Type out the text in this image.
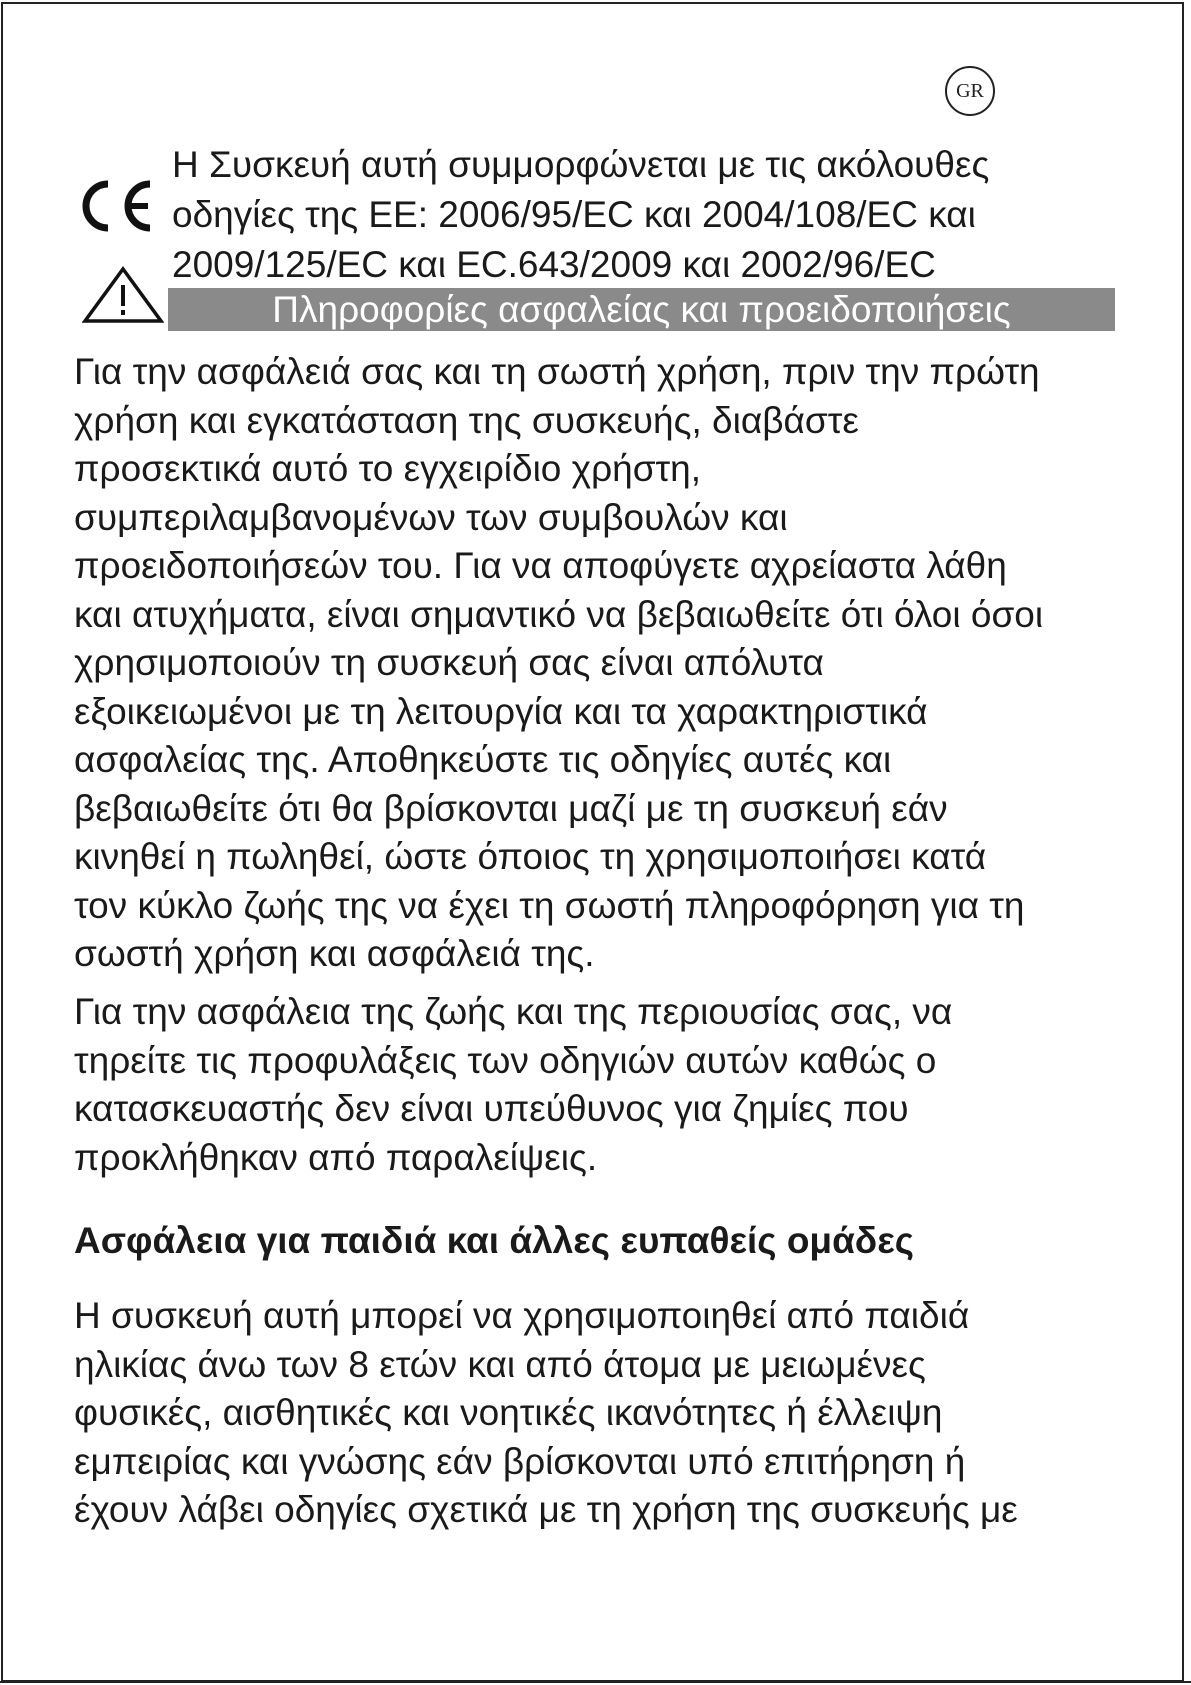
GR
Η Συσκευή αυτή συμμορφώνεται με τις ακόλουθες
οδηγίες της ΕΕ: 2006/95/EC και 2004/108/EC και
2009/125/EC και EC.643/2009 και 2002/96/EC
Πληροφορίες ασφαλείας και προειδοποιήσεις
Για την ασφάλειά σας και τη σωστή χρήση, πριν την πρώτη
χρήση και εγκατάσταση της συσκευής, διαβάστε
προσεκτικά αυτό το εγχειρίδιο χρήστη,
συμπεριλαμβανομένων των συμβουλών και
προειδοποιήσεών του. Για να αποφύγετε αχρείαστα λάθη
και ατυχήματα, είναι σημαντικό να βεβαιωθείτε ότι όλοι όσοι
χρησιμοποιούν τη συσκευή σας είναι απόλυτα
εξοικειωμένοι με τη λειτουργία και τα χαρακτηριστικά
ασφαλείας της. Αποθηκεύστε τις οδηγίες αυτές και
βεβαιωθείτε ότι θα βρίσκονται μαζί με τη συσκευή εάν
κινηθεί η πωληθεί, ώστε όποιος τη χρησιμοποιήσει κατά
τον κύκλο ζωής της να έχει τη σωστή πληροφόρηση για τη
σωστή χρήση και ασφάλειά της.
Για την ασφάλεια της ζωής και της περιουσίας σας, να
τηρείτε τις προφυλάξεις των οδηγιών αυτών καθώς ο
κατασκευαστής δεν είναι υπεύθυνος για ζημίες που
προκλήθηκαν από παραλείψεις.
Ασφάλεια για παιδιά και άλλες ευπαθείς ομάδες
Η συσκευή αυτή μπορεί να χρησιμοποιηθεί από παιδιά
ηλικίας άνω των 8 ετών και από άτομα με μειωμένες
φυσικές, αισθητικές και νοητικές ικανότητες ή έλλειψη
εμπειρίας και γνώσης εάν βρίσκονται υπό επιτήρηση ή
έχουν λάβει οδηγίες σχετικά με τη χρήση της συσκευής με
